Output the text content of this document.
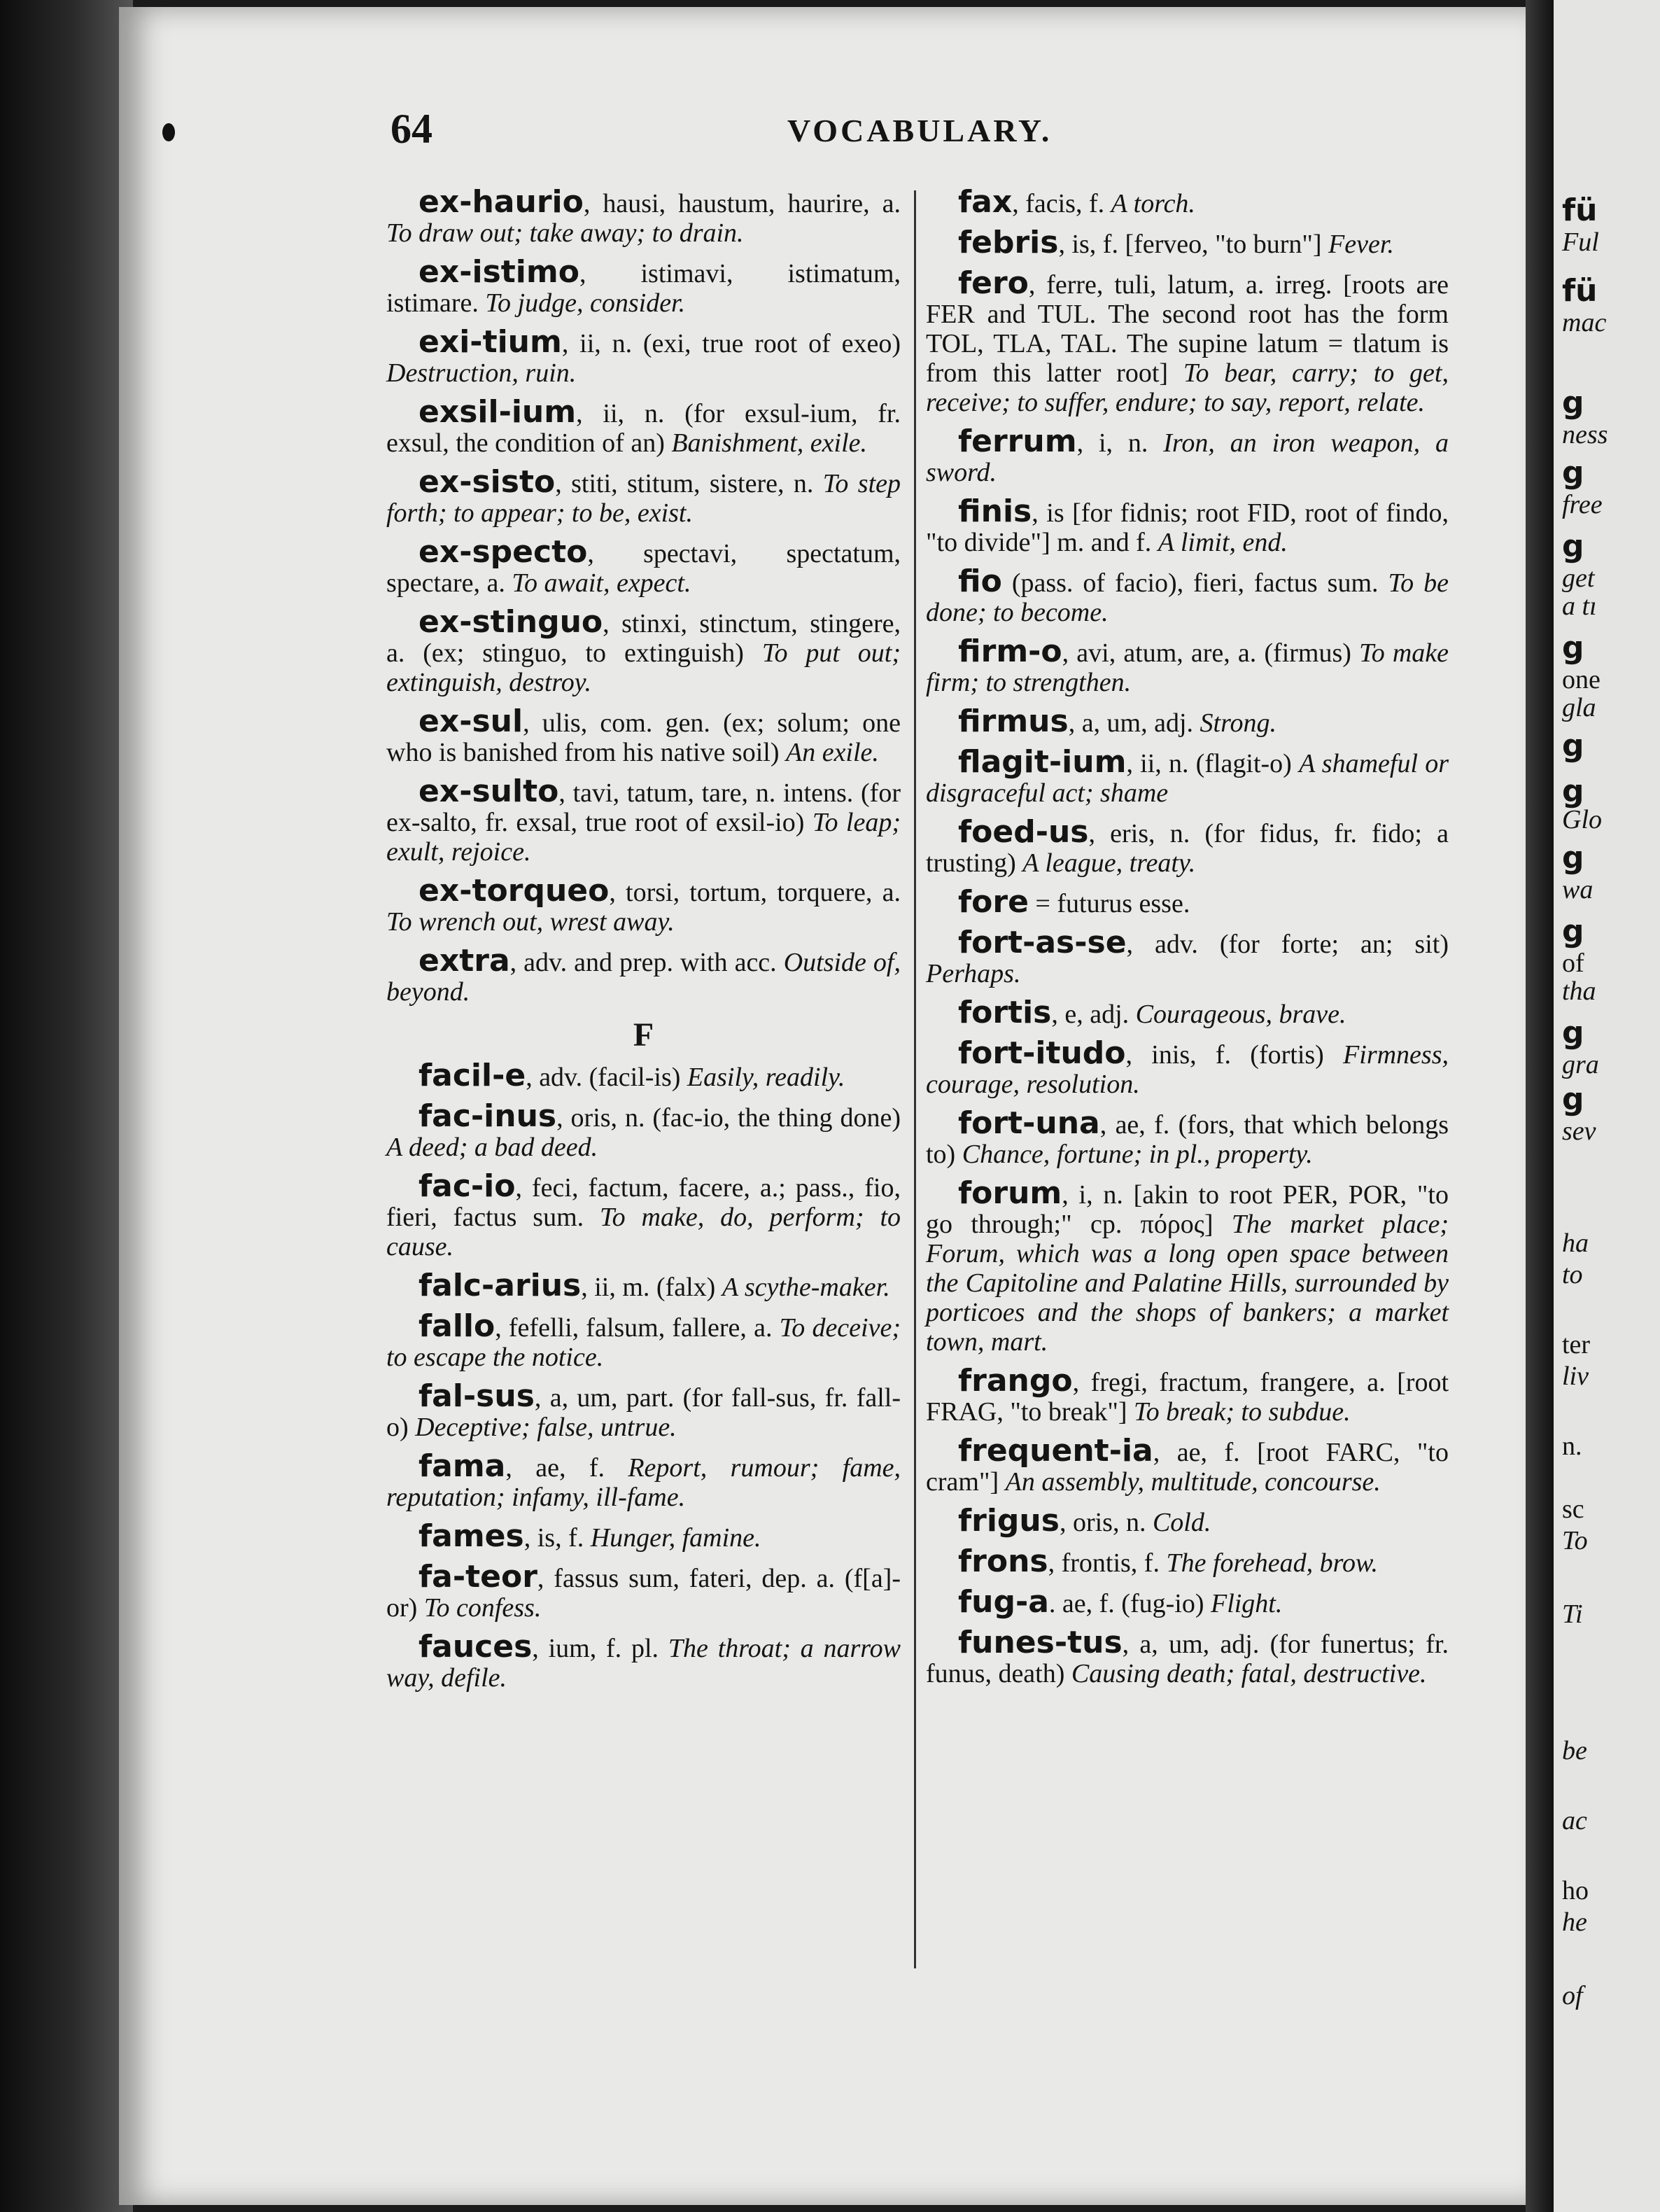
fü
Ful
fü
mac
g
ness
g
free
g
get
a tı
g
one
gla
g
g
Glo
g
wa
g
of
tha
g
gra
g
sev
ha
to
ter
liv
n.
sc
To
Ti
be
ac
ho
he
of
64	VOCABULARY.
ex-haurio, hausi, haustum, haurire, a. To draw out; take away; to drain.
ex-istimo, istimavi, istimatum, istimare. To judge, consider.
exi-tium, ii, n. (exi, true root of exeo) Destruction, ruin.
exsil-ium, ii, n. (for exsul-ium, fr. exsul, the condition of an) Banishment, exile.
ex-sisto, stiti, stitum, sistere, n. To step forth; to appear; to be, exist.
ex-specto, spectavi, spectatum, spectare, a. To await, expect.
ex-stinguo, stinxi, stinctum, stingere, a. (ex; stinguo, to extinguish) To put out; extinguish, destroy.
ex-sul, ulis, com. gen. (ex; solum; one who is banished from his native soil) An exile.
ex-sulto, tavi, tatum, tare, n. intens. (for ex-salto, fr. exsal, true root of exsil-io) To leap; exult, rejoice.
ex-torqueo, torsi, tortum, torquere, a. To wrench out, wrest away.
extra, adv. and prep. with acc. Outside of, beyond.
F
facil-e, adv. (facil-is) Easily, readily.
fac-inus, oris, n. (fac-io, the thing done) A deed; a bad deed.
fac-io, feci, factum, facere, a.; pass., fio, fieri, factus sum. To make, do, perform; to cause.
falc-arius, ii, m. (falx) A scythe-maker.
fallo, fefelli, falsum, fallere, a. To deceive; to escape the notice.
fal-sus, a, um, part. (for fall-sus, fr. fall-o) Deceptive; false, untrue.
fama, ae, f. Report, rumour; fame, reputation; infamy, ill-fame.
fames, is, f. Hunger, famine.
fa-teor, fassus sum, fateri, dep. a. (f[a]-or) To confess.
fauces, ium, f. pl. The throat; a narrow way, defile.
fax, facis, f. A torch.
febris, is, f. [ferveo, "to burn"] Fever.
fero, ferre, tuli, latum, a. irreg. [roots are FER and TUL. The second root has the form TOL, TLA, TAL. The supine latum = tlatum is from this latter root] To bear, carry; to get, receive; to suffer, endure; to say, report, relate.
ferrum, i, n. Iron, an iron weapon, a sword.
finis, is [for fidnis; root FID, root of findo, "to divide"] m. and f. A limit, end.
fio (pass. of facio), fieri, factus sum. To be done; to become.
firm-o, avi, atum, are, a. (firmus) To make firm; to strengthen.
firmus, a, um, adj. Strong.
flagit-ium, ii, n. (flagit-o) A shameful or disgraceful act; shame
foed-us, eris, n. (for fidus, fr. fido; a trusting) A league, treaty.
fore = futurus esse.
fort-as-se, adv. (for forte; an; sit) Perhaps.
fortis, e, adj. Courageous, brave.
fort-itudo, inis, f. (fortis) Firmness, courage, resolution.
fort-una, ae, f. (fors, that which belongs to) Chance, fortune; in pl., property.
forum, i, n. [akin to root PER, POR, "to go through;" cp. πόρος] The market place; Forum, which was a long open space between the Capitoline and Palatine Hills, surrounded by porticoes and the shops of bankers; a market town, mart.
frango, fregi, fractum, frangere, a. [root FRAG, "to break"] To break; to subdue.
frequent-ia, ae, f. [root FARC, "to cram"] An assembly, multitude, concourse.
frigus, oris, n. Cold.
frons, frontis, f. The forehead, brow.
fug-a. ae, f. (fug-io) Flight.
funes-tus, a, um, adj. (for funertus; fr. funus, death) Causing death; fatal, destructive.
